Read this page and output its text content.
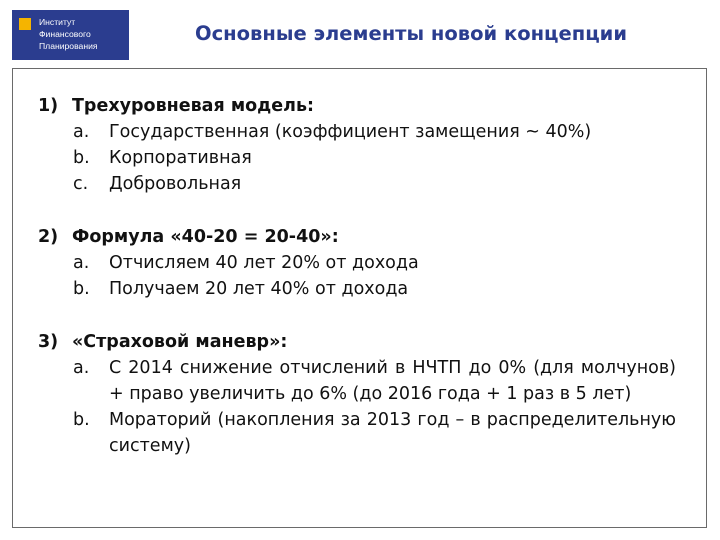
Институт
Финансового
Планирования
Основные элементы новой концепции
1) Трехуровневая модель:
a.	Государственная (коэффициент замещения ~ 40%)
b.	Корпоративная
c.	Добровольная
2) Формула «40-20 = 20-40»:
a.	Отчисляем 40 лет 20% от дохода
b.	Получаем 20 лет 40% от дохода
3) «Страховой маневр»:
a.	С 2014 снижение отчислений в НЧТП до 0% (для молчунов) + право увеличить до 6% (до 2016 года + 1 раз в 5 лет)
b.	Мораторий (накопления за 2013 год – в распределительную систему)
